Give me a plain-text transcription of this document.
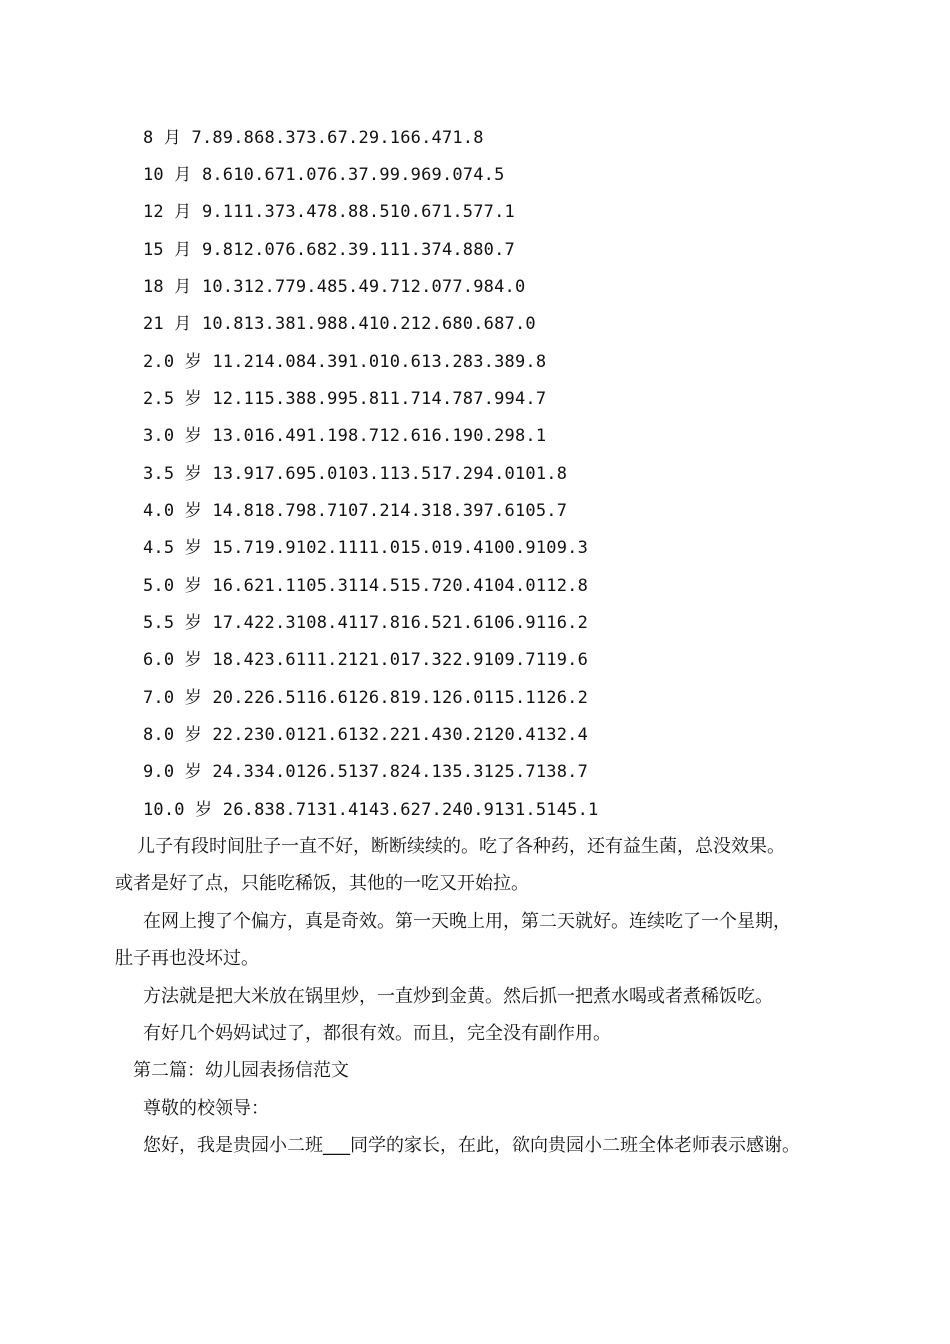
8 月 7.89.868.373.67.29.166.471.8
10 月 8.610.671.076.37.99.969.074.5
12 月 9.111.373.478.88.510.671.577.1
15 月 9.812.076.682.39.111.374.880.7
18 月 10.312.779.485.49.712.077.984.0
21 月 10.813.381.988.410.212.680.687.0
2.0 岁 11.214.084.391.010.613.283.389.8
2.5 岁 12.115.388.995.811.714.787.994.7
3.0 岁 13.016.491.198.712.616.190.298.1
3.5 岁 13.917.695.0103.113.517.294.0101.8
4.0 岁 14.818.798.7107.214.318.397.6105.7
4.5 岁 15.719.9102.1111.015.019.4100.9109.3
5.0 岁 16.621.1105.3114.515.720.4104.0112.8
5.5 岁 17.422.3108.4117.816.521.6106.9116.2
6.0 岁 18.423.6111.2121.017.322.9109.7119.6
7.0 岁 20.226.5116.6126.819.126.0115.1126.2
8.0 岁 22.230.0121.6132.221.430.2120.4132.4
9.0 岁 24.334.0126.5137.824.135.3125.7138.7
10.0 岁 26.838.7131.4143.627.240.9131.5145.1
儿子有段时间肚子一直不好，断断续续的。吃了各种药，还有益生菌，总没效果。
或者是好了点，只能吃稀饭，其他的一吃又开始拉。
在网上搜了个偏方，真是奇效。第一天晚上用，第二天就好。连续吃了一个星期，
肚子再也没坏过。
方法就是把大米放在锅里炒，一直炒到金黄。然后抓一把煮水喝或者煮稀饭吃。
有好几个妈妈试过了，都很有效。而且，完全没有副作用。
第二篇：幼儿园表扬信范文
尊敬的校领导：
您好，我是贵园小二班___同学的家长，在此，欲向贵园小二班全体老师表示感谢。
